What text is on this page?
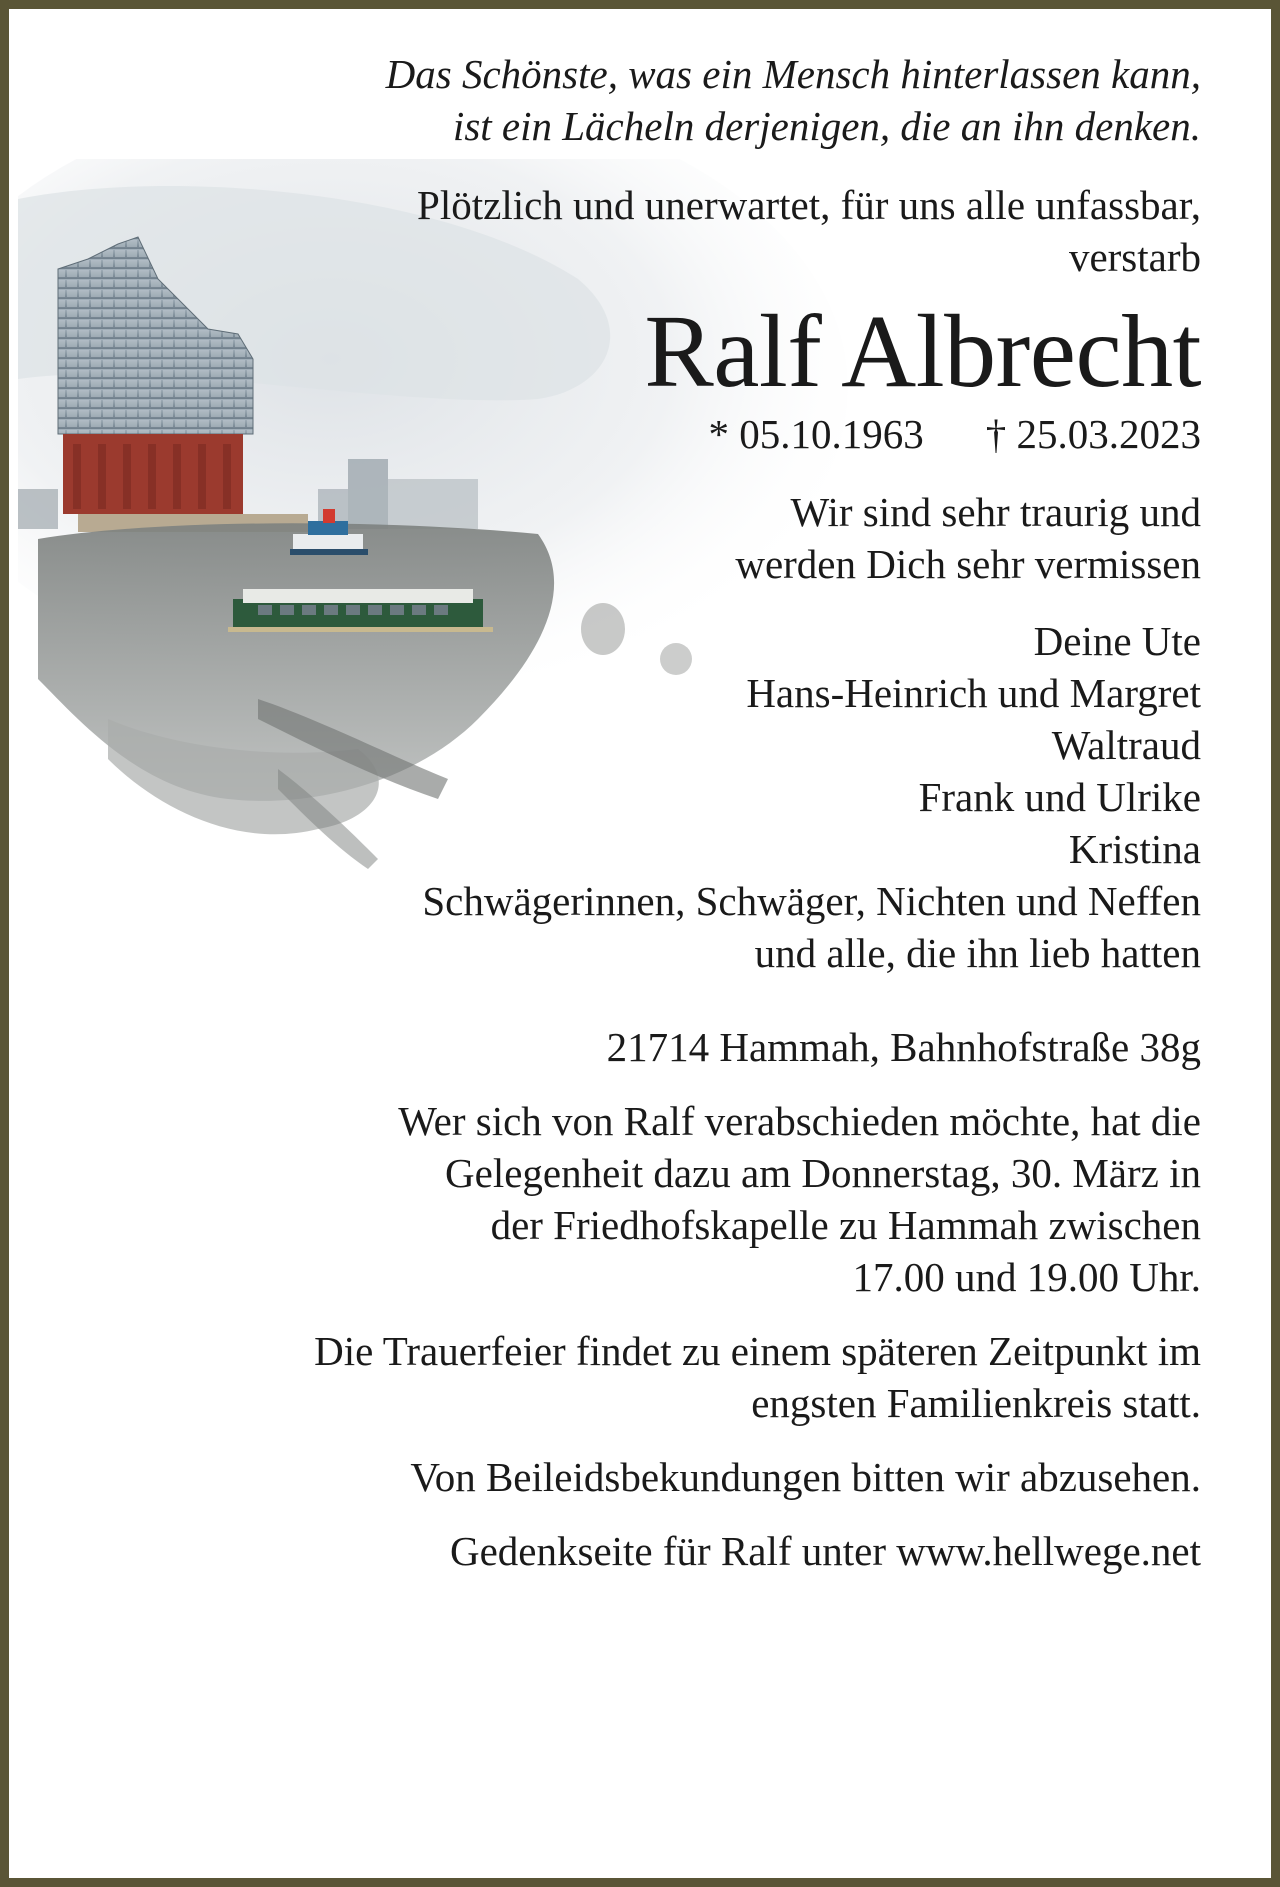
Das Schönste, was ein Mensch hinterlassen kann,
ist ein Lächeln derjenigen, die an ihn denken.
Plötzlich und unerwartet, für uns alle unfassbar,
verstarb
Ralf Albrecht
* 05.10.1963 † 25.03.2023
Wir sind sehr traurig und
werden Dich sehr vermissen
Deine Ute
Hans-Heinrich und Margret
Waltraud
Frank und Ulrike
Kristina
Schwägerinnen, Schwäger, Nichten und Neffen
und alle, die ihn lieb hatten
21714 Hammah, Bahnhofstraße 38g
Wer sich von Ralf verabschieden möchte, hat die
Gelegenheit dazu am Donnerstag, 30. März in
der Friedhofskapelle zu Hammah zwischen
17.00 und 19.00 Uhr.
Die Trauerfeier findet zu einem späteren Zeitpunkt im
engsten Familienkreis statt.
Von Beileidsbekundungen bitten wir abzusehen.
Gedenkseite für Ralf unter www.hellwege.net
